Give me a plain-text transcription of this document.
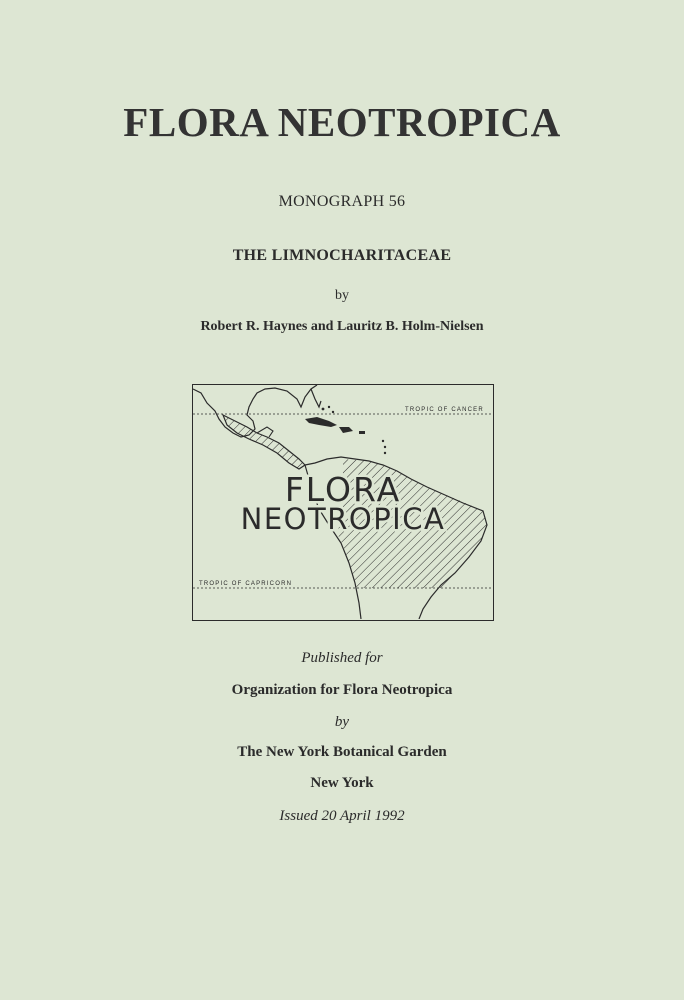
FLORA NEOTROPICA
MONOGRAPH 56
THE LIMNOCHARITACEAE
by
Robert R. Haynes and Lauritz B. Holm-Nielsen
TROPIC OF CANCER
TROPIC OF CAPRICORN
FLORA
NEOTROPICA
Published for
Organization for Flora Neotropica
by
The New York Botanical Garden
New York
Issued 20 April 1992
